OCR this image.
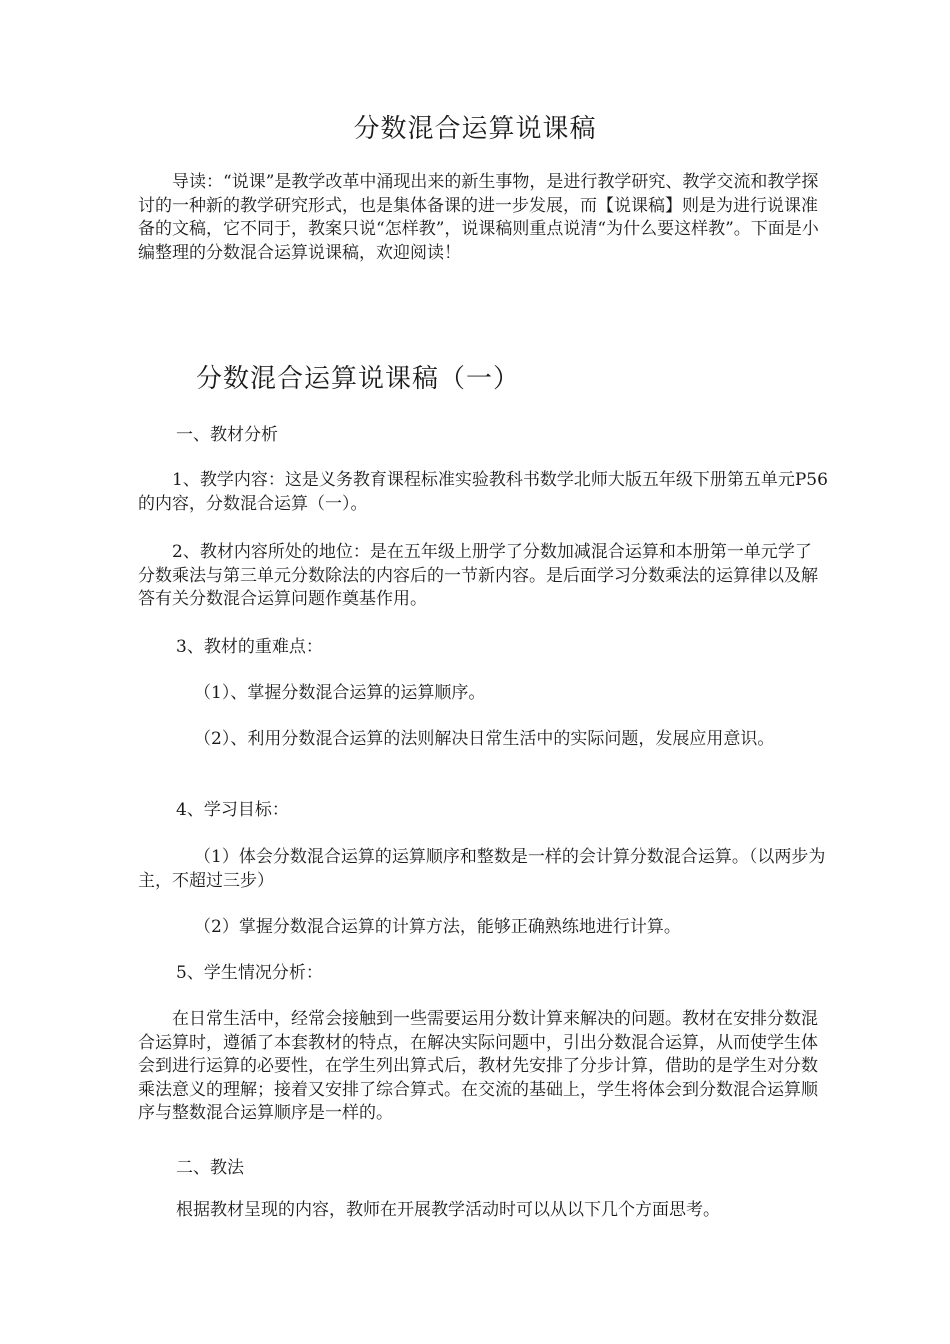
分数混合运算说课稿

导读：“说课”是教学改革中涌现出来的新生事物，是进行教学研究、教学交流和教学探讨的一种新的教学研究形式，也是集体备课的进一步发展，而【说课稿】则是为进行说课准备的文稿，它不同于，教案只说“怎样教”，说课稿则重点说清“为什么要这样教”。下面是小编整理的分数混合运算说课稿，欢迎阅读！

分数混合运算说课稿（一）
一、教材分析

1、教学内容：这是义务教育课程标准实验教科书数学北师大版五年级下册第五单元P56的内容，分数混合运算（一）。

2、教材内容所处的地位：是在五年级上册学了分数加减混合运算和本册第一单元学了分数乘法与第三单元分数除法的内容后的一节新内容。是后面学习分数乘法的运算律以及解答有关分数混合运算问题作奠基作用。

3、教材的重难点：
（1）、掌握分数混合运算的运算顺序。

（2）、利用分数混合运算的法则解决日常生活中的实际问题，发展应用意识。

4、学习目标：

（1）体会分数混合运算的运算顺序和整数是一样的会计算分数混合运算。（以两步为主，不超过三步）

（2）掌握分数混合运算的计算方法，能够正确熟练地进行计算。
5、学生情况分析：

在日常生活中，经常会接触到一些需要运用分数计算来解决的问题。教材在安排分数混合运算时，遵循了本套教材的特点，在解决实际问题中，引出分数混合运算，从而使学生体会到进行运算的必要性，在学生列出算式后，教材先安排了分步计算，借助的是学生对分数乘法意义的理解；接着又安排了综合算式。在交流的基础上，学生将体会到分数混合运算顺序与整数混合运算顺序是一样的。

二、教法
根据教材呈现的内容，教师在开展教学活动时可以从以下几个方面思考。
